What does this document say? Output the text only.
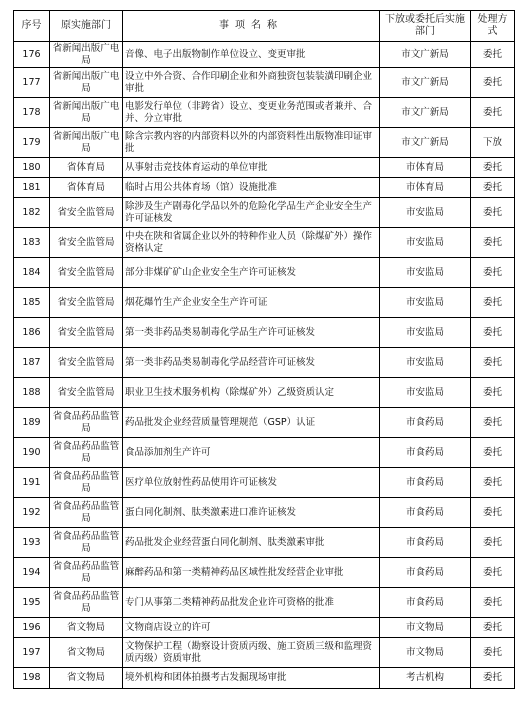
序号	原实施部门	事项名称	下放或委托后实施部门	处理方式
176	省新闻出版广电局	音像、电子出版物制作单位设立、变更审批	市文广新局	委托
177	省新闻出版广电局	设立中外合资、合作印刷企业和外商独资包装装潢印刷企业审批	市文广新局	委托
178	省新闻出版广电局	电影发行单位（非跨省）设立、变更业务范围或者兼并、合并、分立审批	市文广新局	委托
179	省新闻出版广电局	除含宗教内容的内部资料以外的内部资料性出版物准印证审批	市文广新局	下放
180	省体育局	从事射击竞技体育运动的单位审批	市体育局	委托
181	省体育局	临时占用公共体育场（馆）设施批准	市体育局	委托
182	省安全监管局	除涉及生产剧毒化学品以外的危险化学品生产企业安全生产许可证核发	市安监局	委托
183	省安全监管局	中央在陕和省属企业以外的特种作业人员（除煤矿外）操作资格认定	市安监局	委托
184	省安全监管局	部分非煤矿矿山企业安全生产许可证核发	市安监局	委托
185	省安全监管局	烟花爆竹生产企业安全生产许可证	市安监局	委托
186	省安全监管局	第一类非药品类易制毒化学品生产许可证核发	市安监局	委托
187	省安全监管局	第一类非药品类易制毒化学品经营许可证核发	市安监局	委托
188	省安全监管局	职业卫生技术服务机构（除煤矿外）乙级资质认定	市安监局	委托
189	省食品药品监管局	药品批发企业经营质量管理规范（GSP）认证	市食药局	委托
190	省食品药品监管局	食品添加剂生产许可	市食药局	委托
191	省食品药品监管局	医疗单位放射性药品使用许可证核发	市食药局	委托
192	省食品药品监管局	蛋白同化制剂、肽类激素进口准许证核发	市食药局	委托
193	省食品药品监管局	药品批发企业经营蛋白同化制剂、肽类激素审批	市食药局	委托
194	省食品药品监管局	麻醉药品和第一类精神药品区域性批发经营企业审批	市食药局	委托
195	省食品药品监管局	专门从事第二类精神药品批发企业许可资格的批准	市食药局	委托
196	省文物局	文物商店设立的许可	市文物局	委托
197	省文物局	文物保护工程（勘察设计资质丙级、施工资质三级和监理资质丙级）资质审批	市文物局	委托
198	省文物局	境外机构和团体拍摄考古发掘现场审批	考古机构	委托
